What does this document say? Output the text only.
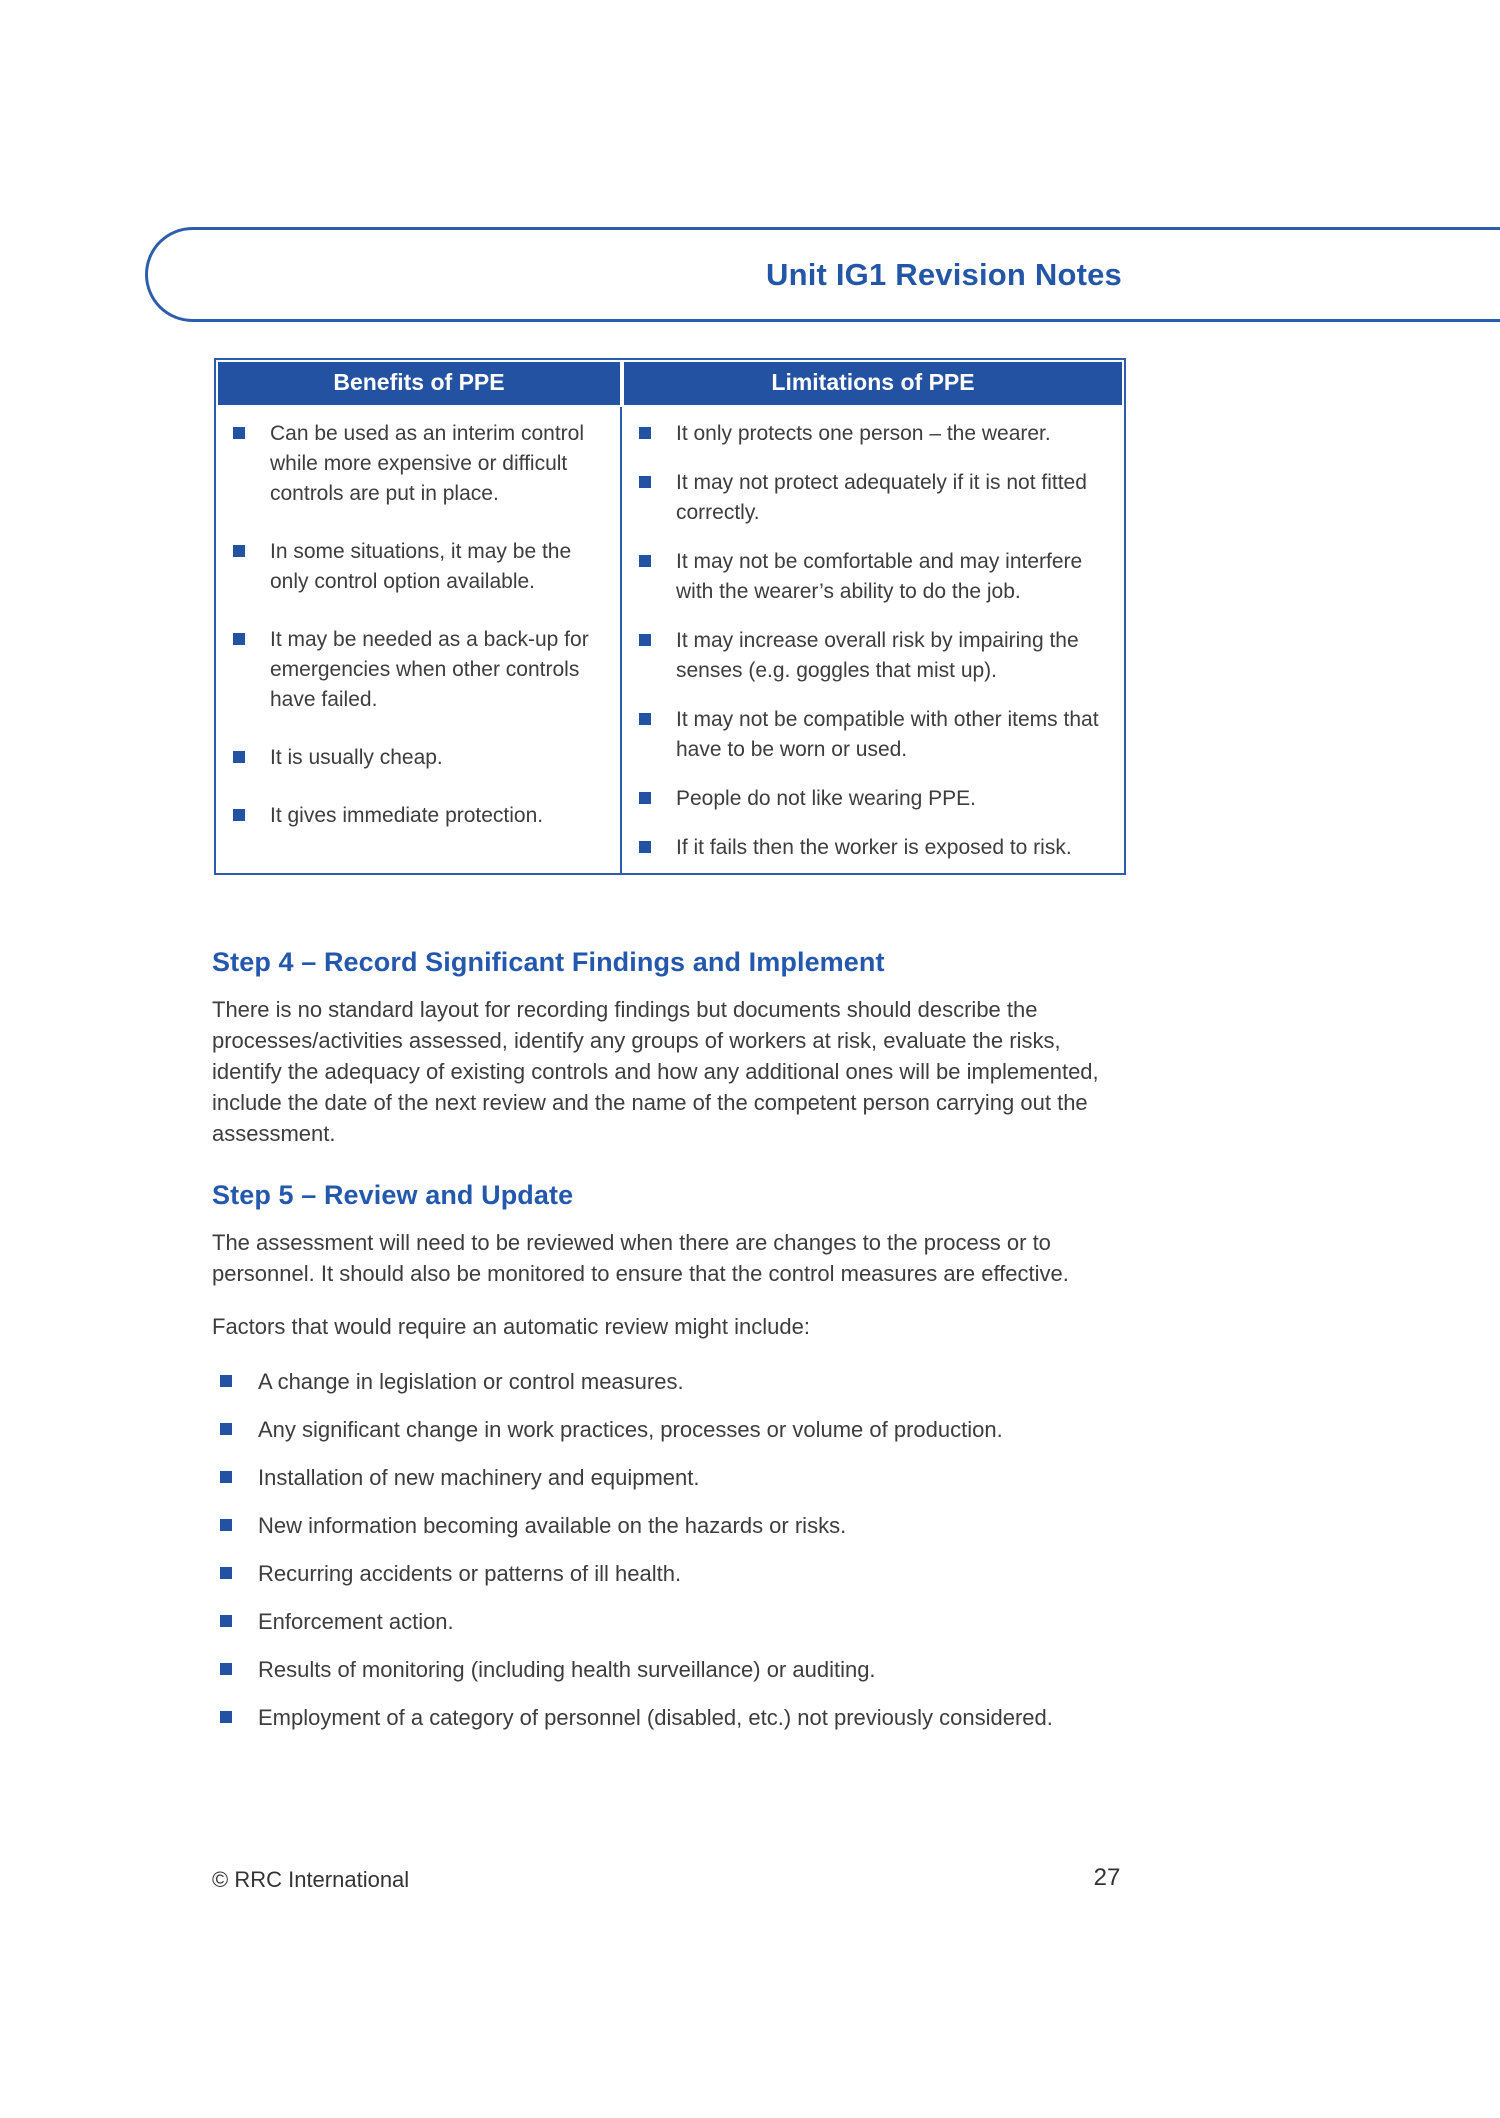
Unit IG1 Revision Notes
Benefits of PPE	Limitations of PPE

Can be used as an interim control while more expensive or difficult controls are put in place.
In some situations, it may be the only control option available.
It may be needed as a back-up for emergencies when other controls have failed.
It is usually cheap.
It gives immediate protection.

It only protects one person – the wearer.
It may not protect adequately if it is not fitted correctly.
It may not be comfortable and may interfere with the wearer’s ability to do the job.
It may increase overall risk by impairing the senses (e.g. goggles that mist up).
It may not be compatible with other items that have to be worn or used.
People do not like wearing PPE.
If it fails then the worker is exposed to risk.
Step 4 – Record Significant Findings and Implement

There is no standard layout for recording findings but documents should describe the processes/activities assessed, identify any groups of workers at risk, evaluate the risks, identify the adequacy of existing controls and how any additional ones will be implemented, include the date of the next review and the name of the competent person carrying out the assessment.

Step 5 – Review and Update

The assessment will need to be reviewed when there are changes to the process or to personnel. It should also be monitored to ensure that the control measures are effective.

Factors that would require an automatic review might include:

A change in legislation or control measures.
Any significant change in work practices, processes or volume of production.
Installation of new machinery and equipment.
New information becoming available on the hazards or risks.
Recurring accidents or patterns of ill health.
Enforcement action.
Results of monitoring (including health surveillance) or auditing.
Employment of a category of personnel (disabled, etc.) not previously considered.
© RRC International	27
